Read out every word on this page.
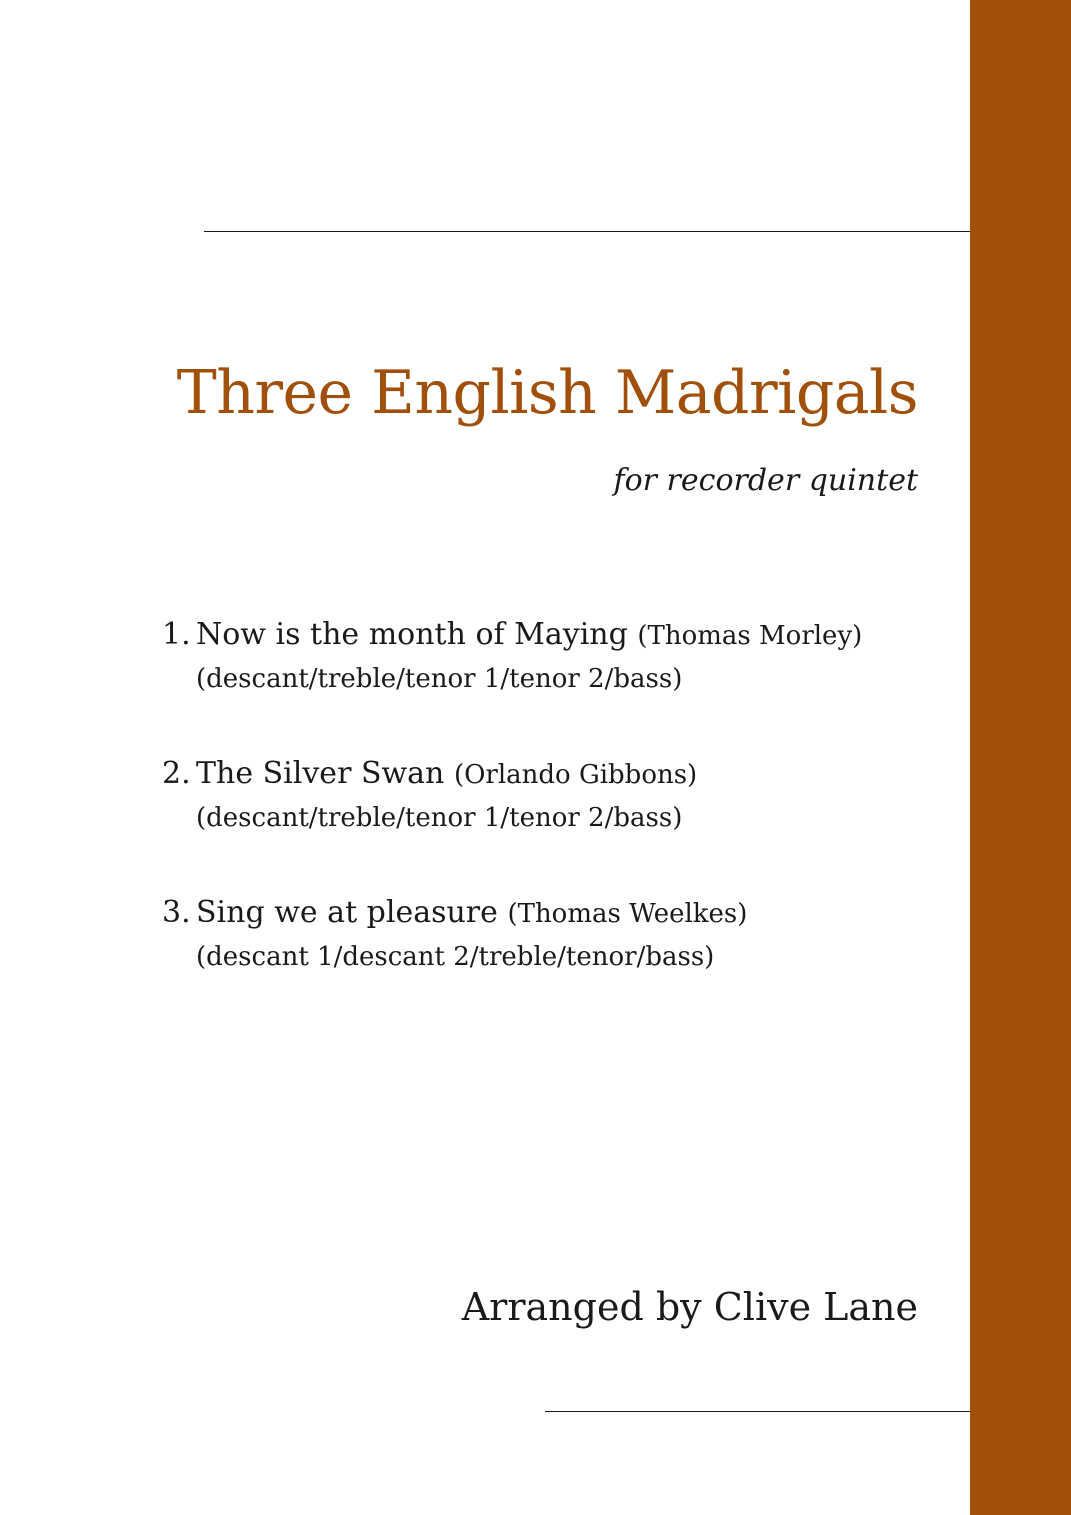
Three English Madrigals
for recorder quintet
1. Now is the month of Maying (Thomas Morley)
(descant/treble/tenor 1/tenor 2/bass)
2. The Silver Swan (Orlando Gibbons)
(descant/treble/tenor 1/tenor 2/bass)
3. Sing we at pleasure (Thomas Weelkes)
(descant 1/descant 2/treble/tenor/bass)
Arranged by Clive Lane
